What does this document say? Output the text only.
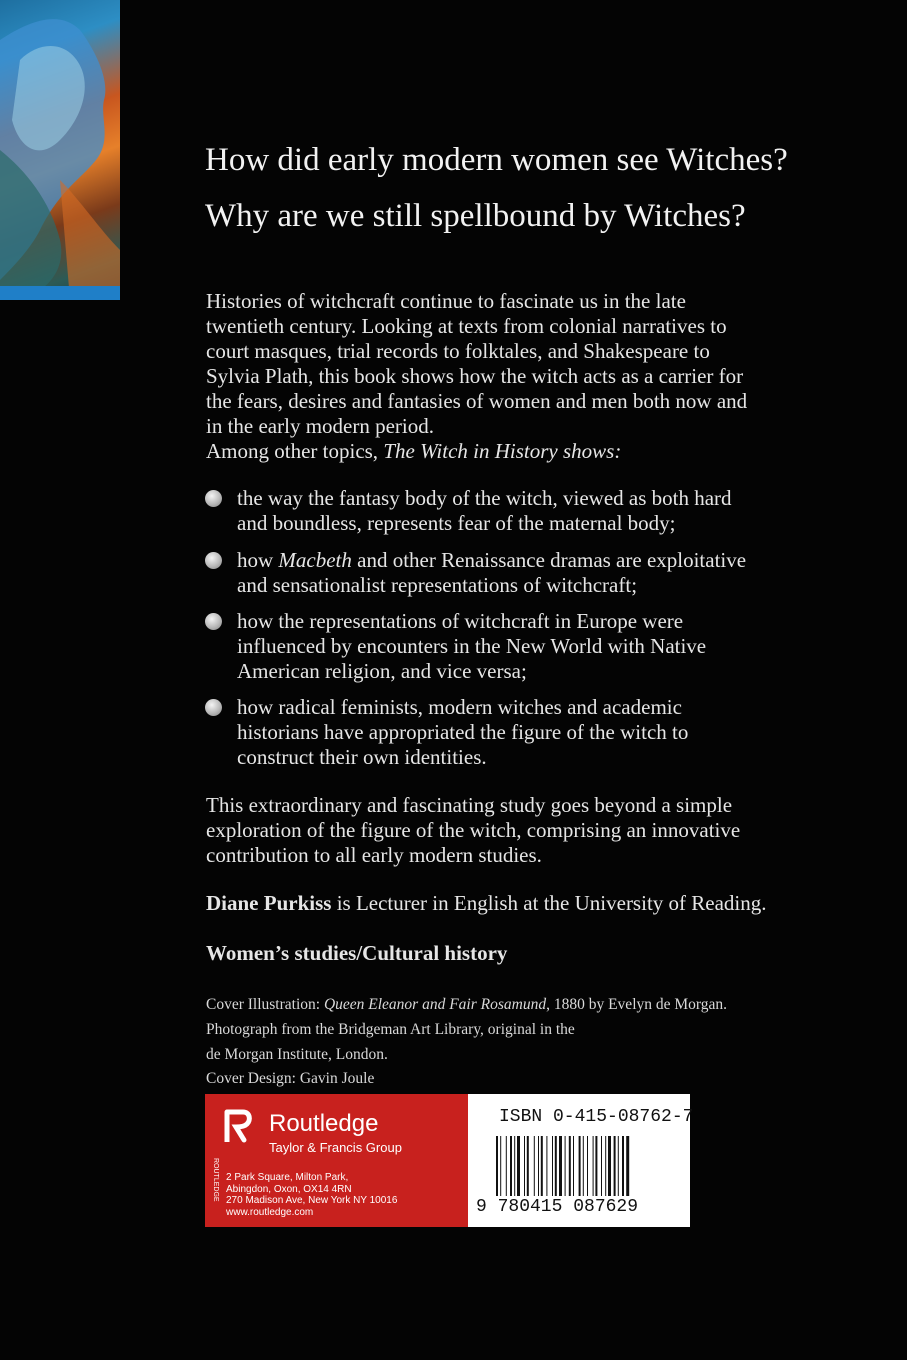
How did early modern women see Witches?
Why are we still spellbound by Witches?
Histories of witchcraft continue to fascinate us in the late
twentieth century. Looking at texts from colonial narratives to
court masques, trial records to folktales, and Shakespeare to
Sylvia Plath, this book shows how the witch acts as a carrier for
the fears, desires and fantasies of women and men both now and
in the early modern period.
Among other topics, The Witch in History shows:
the way the fantasy body of the witch, viewed as both hard
and boundless, represents fear of the maternal body;
how Macbeth and other Renaissance dramas are exploitative
and sensationalist representations of witchcraft;
how the representations of witchcraft in Europe were
influenced by encounters in the New World with Native
American religion, and vice versa;
how radical feminists, modern witches and academic
historians have appropriated the figure of the witch to
construct their own identities.
This extraordinary and fascinating study goes beyond a simple
exploration of the figure of the witch, comprising an innovative
contribution to all early modern studies.
Diane Purkiss is Lecturer in English at the University of Reading.
Women’s studies/Cultural history
Cover Illustration: Queen Eleanor and Fair Rosamund, 1880 by Evelyn de Morgan.
Photograph from the Bridgeman Art Library, original in the
de Morgan Institute, London.
Cover Design: Gavin Joule
ROUTLEDGE
Routledge
Taylor & Francis Group
2 Park Square, Milton Park,
Abingdon, Oxon, OX14 4RN
270 Madison Ave, New York NY 10016
www.routledge.com
ISBN 0-415-08762-7
9 780415 087629
